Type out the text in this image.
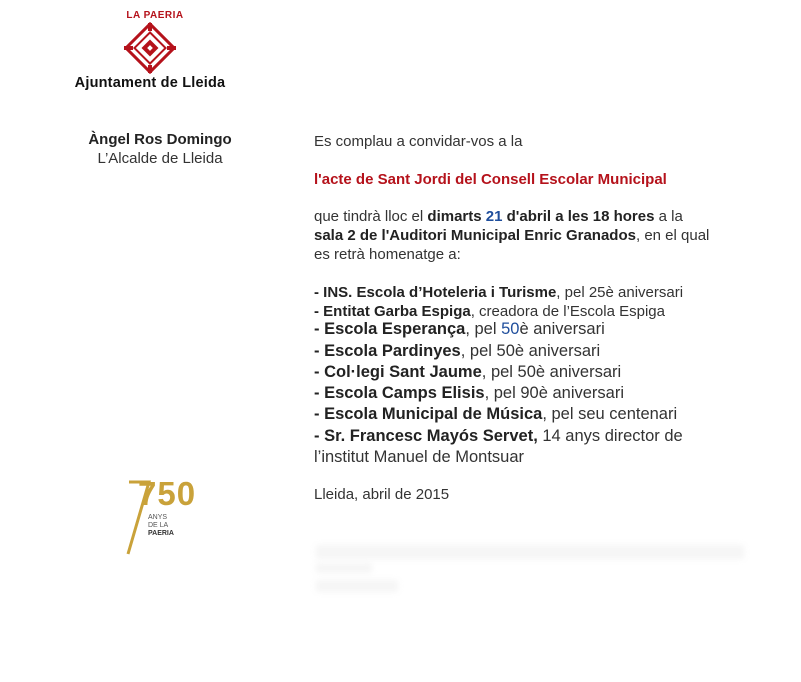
LA PAERIA
Ajuntament de Lleida
Àngel Ros Domingo
L’Alcalde de Lleida
750
ANYS
DE LA
PAERIA
Es complau a convidar-vos a la
l'acte de Sant Jordi del Consell Escolar Municipal
que tindrà lloc el dimarts 21 d'abril a les 18 hores a la
sala 2 de l'Auditori Municipal Enric Granados, en el qual
es retrà homenatge a:
- INS. Escola d’Hoteleria i Turisme, pel 25è aniversari
- Entitat Garba Espiga, creadora de l’Escola Espiga
- Escola Esperança, pel 50è aniversari
- Escola Pardinyes, pel 50è aniversari
- Col·legi Sant Jaume, pel 50è aniversari
- Escola Camps Elisis, pel 90è aniversari
- Escola Municipal de Música, pel seu centenari
- Sr. Francesc Mayós Servet, 14 anys director de
l’institut Manuel de Montsuar
Lleida, abril de 2015
